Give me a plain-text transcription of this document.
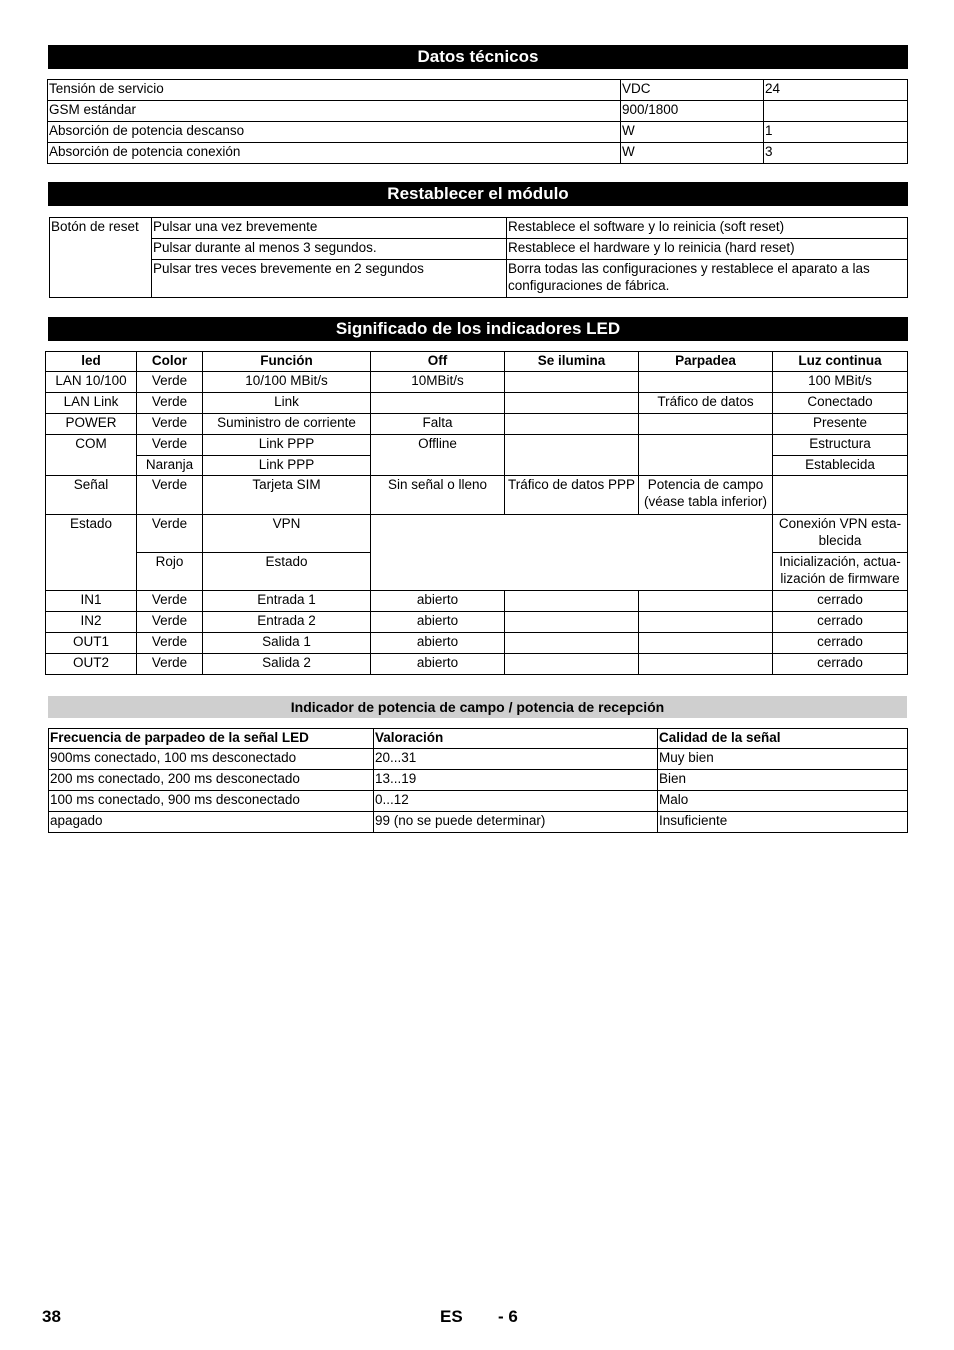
Datos técnicos
Tensión de servicio	VDC	24
GSM estándar	900/1800	
Absorción de potencia descanso	W	1
Absorción de potencia conexión	W	3
Restablecer el módulo
Botón de reset	Pulsar una vez brevemente	Restablece el software y lo reinicia (soft reset)
	Pulsar durante al menos 3 segundos.	Restablece el hardware y lo reinicia (hard reset)
	Pulsar tres veces brevemente en 2 segundos	Borra todas las configuraciones y restablece el aparato a las configuraciones de fábrica.
Significado de los indicadores LED
led	Color	Función	Off	Se ilumina	Parpadea	Luz continua
LAN 10/100	Verde	10/100 MBit/s	10MBit/s			100 MBit/s
LAN Link	Verde	Link			Tráfico de datos	Conectado
POWER	Verde	Suministro de corriente	Falta			Presente
COM	Verde	Link PPP	Offline			Estructura
	Naranja	Link PPP				Establecida
Señal	Verde	Tarjeta SIM	Sin señal o lleno	Tráfico de datos PPP	Potencia de campo (véase tabla inferior)	
Estado	Verde	VPN				Conexión VPN esta-blecida
	Rojo	Estado				Inicialización, actua-lización de firmware
IN1	Verde	Entrada 1	abierto			cerrado
IN2	Verde	Entrada 2	abierto			cerrado
OUT1	Verde	Salida 1	abierto			cerrado
OUT2	Verde	Salida 2	abierto			cerrado
Indicador de potencia de campo / potencia de recepción
Frecuencia de parpadeo de la señal LED	Valoración	Calidad de la señal
900ms conectado, 100 ms desconectado	20...31	Muy bien
200 ms conectado, 200 ms desconectado	13...19	Bien
100 ms conectado, 900 ms desconectado	0...12	Malo
apagado	99 (no se puede determinar)	Insuficiente
38	ES - 6
